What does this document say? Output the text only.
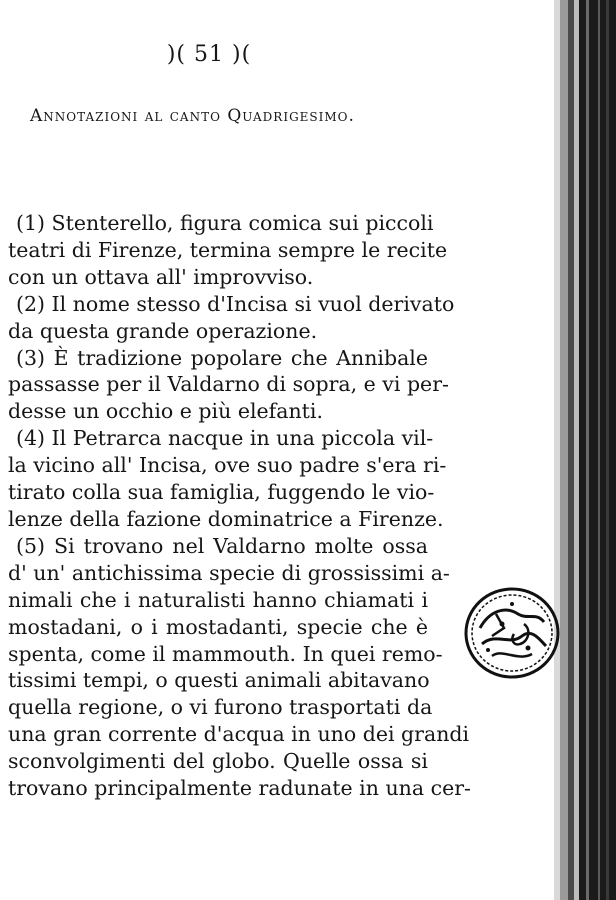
)( 51 )(
Annotazioni al canto Quadrigesimo.
(1) Stenterello, figura comica sui piccoli
teatri di Firenze, termina sempre le recite
con un ottava all' improvviso.
(2) Il nome stesso d'Incisa si vuol derivato
da questa grande operazione.
(3) È tradizione popolare che Annibale
passasse per il Valdarno di sopra, e vi per-
desse un occhio e più elefanti.
(4) Il Petrarca nacque in una piccola vil-
la vicino all' Incisa, ove suo padre s'era ri-
tirato colla sua famiglia, fuggendo le vio-
lenze della fazione dominatrice a Firenze.
(5) Si trovano nel Valdarno molte ossa
d' un' antichissima specie di grossissimi a-
nimali che i naturalisti hanno chiamati i
mostadani, o i mostadanti, specie che è
spenta, come il mammouth. In quei remo-
tissimi tempi, o questi animali abitavano
quella regione, o vi furono trasportati da
una gran corrente d'acqua in uno dei grandi
sconvolgimenti del globo. Quelle ossa si
trovano principalmente radunate in una cer-
